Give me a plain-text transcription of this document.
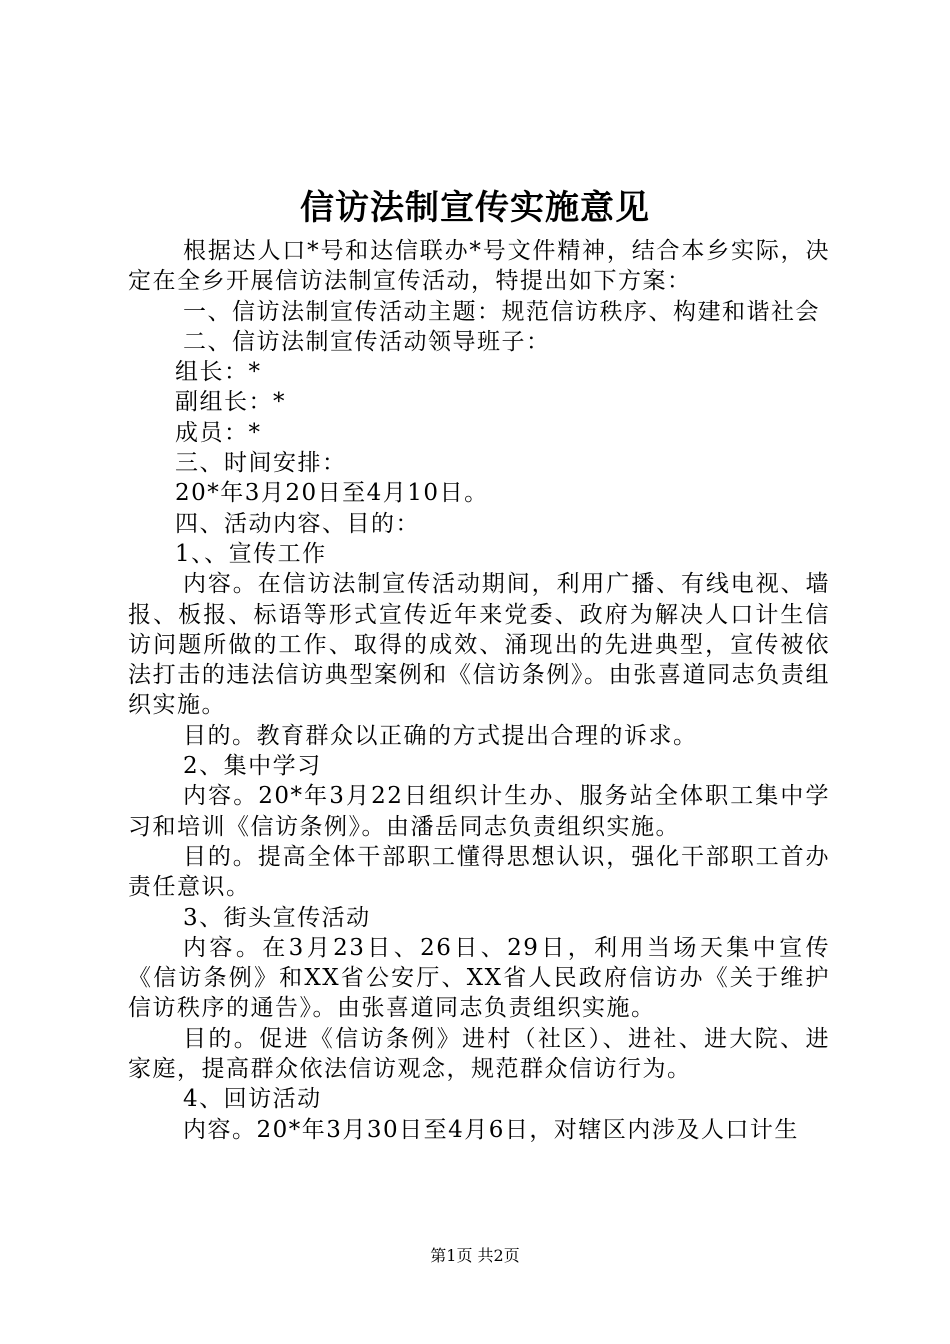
信访法制宣传实施意见

根据达人口*号和达信联办*号文件精神，结合本乡实际，决定在全乡开展信访法制宣传活动，特提出如下方案：

一、信访法制宣传活动主题：规范信访秩序、构建和谐社会

二、信访法制宣传活动领导班子：

组长：*

副组长：*

成员：*

三、时间安排：

20*年3月20日至4月10日。

四、活动内容、目的：

1、、宣传工作

内容。在信访法制宣传活动期间，利用广播、有线电视、墙报、板报、标语等形式宣传近年来党委、政府为解决人口计生信访问题所做的工作、取得的成效、涌现出的先进典型，宣传被依法打击的违法信访典型案例和《信访条例》。由张喜道同志负责组织实施。

目的。教育群众以正确的方式提出合理的诉求。

2、集中学习

内容。20*年3月22日组织计生办、服务站全体职工集中学习和培训《信访条例》。由潘岳同志负责组织实施。

目的。提高全体干部职工懂得思想认识，强化干部职工首办责任意识。

3、街头宣传活动

内容。在3月23日、26日、29日，利用当场天集中宣传《信访条例》和XX省公安厅、XX省人民政府信访办《关于维护信访秩序的通告》。由张喜道同志负责组织实施。

目的。促进《信访条例》进村（社区）、进社、进大院、进家庭，提高群众依法信访观念，规范群众信访行为。

4、回访活动

内容。20*年3月30日至4月6日，对辖区内涉及人口计生

第1页 共2页
